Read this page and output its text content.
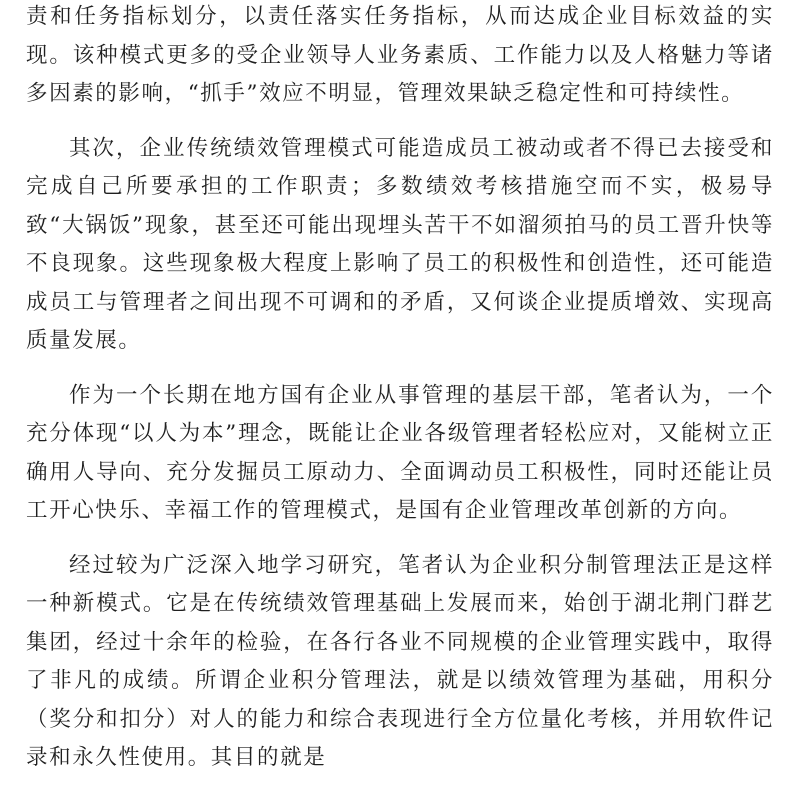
责和任务指标划分，以责任落实任务指标，从而达成企业目标效益的实现。该种模式更多的受企业领导人业务素质、工作能力以及人格魅力等诸多因素的影响，“抓手”效应不明显，管理效果缺乏稳定性和可持续性。

其次，企业传统绩效管理模式可能造成员工被动或者不得已去接受和完成自己所要承担的工作职责；多数绩效考核措施空而不实，极易导致“大锅饭”现象，甚至还可能出现埋头苦干不如溜须拍马的员工晋升快等不良现象。这些现象极大程度上影响了员工的积极性和创造性，还可能造成员工与管理者之间出现不可调和的矛盾，又何谈企业提质增效、实现高质量发展。

作为一个长期在地方国有企业从事管理的基层干部，笔者认为，一个充分体现“以人为本”理念，既能让企业各级管理者轻松应对，又能树立正确用人导向、充分发掘员工原动力、全面调动员工积极性，同时还能让员工开心快乐、幸福工作的管理模式，是国有企业管理改革创新的方向。

经过较为广泛深入地学习研究，笔者认为企业积分制管理法正是这样一种新模式。它是在传统绩效管理基础上发展而来，始创于湖北荆门群艺集团，经过十余年的检验，在各行各业不同规模的企业管理实践中，取得了非凡的成绩。所谓企业积分管理法，就是以绩效管理为基础，用积分（奖分和扣分）对人的能力和综合表现进行全方位量化考核，并用软件记录和永久性使用。其目的就是
